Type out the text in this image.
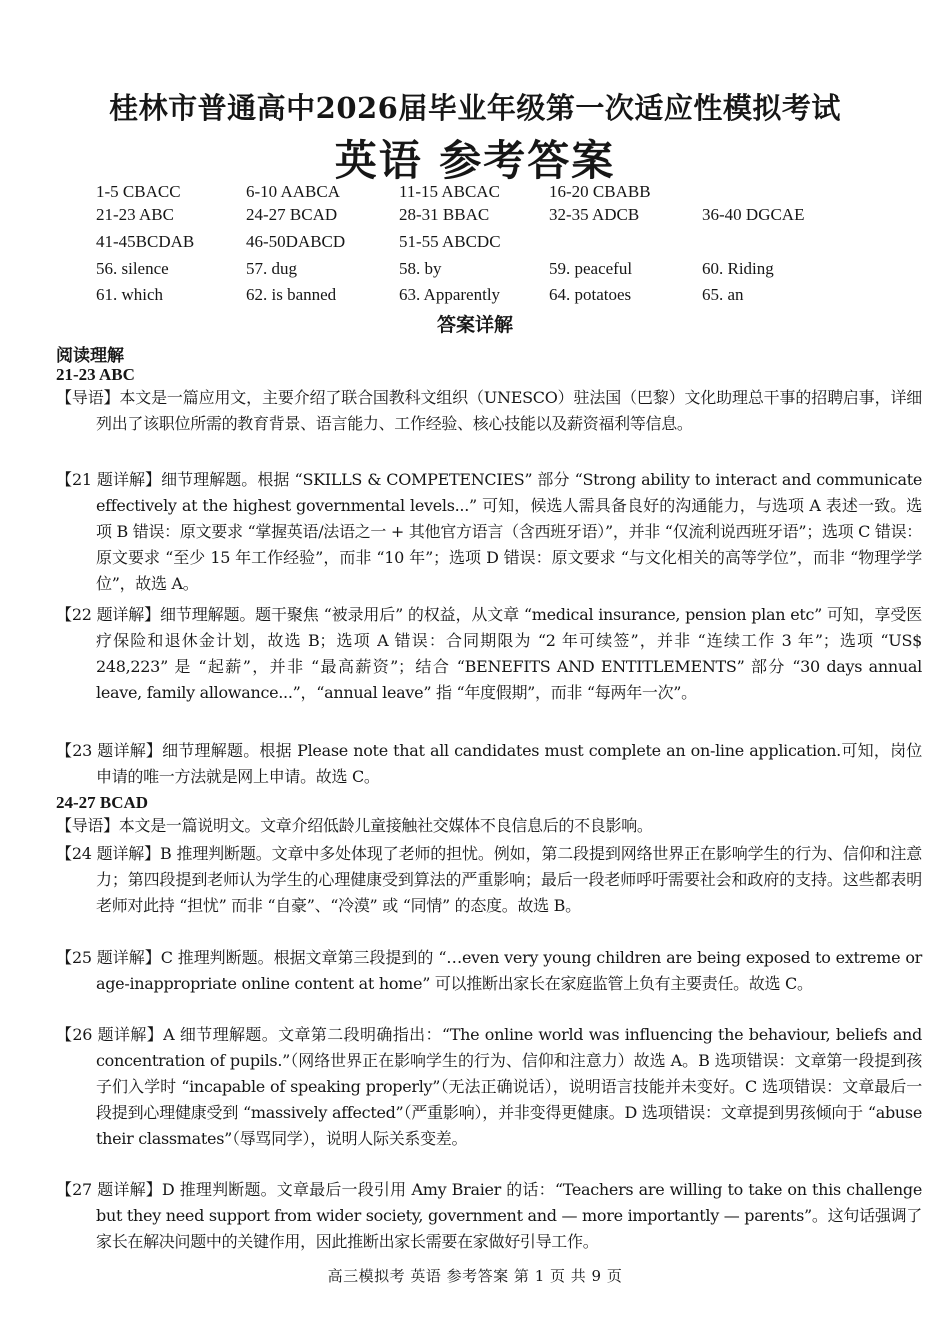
桂林市普通高中2026届毕业年级第一次适应性模拟考试
英语 参考答案
1-5 CBACC	6-10 AABCA	11-15 ABCAC	16-20 CBABB
21-23 ABC	24-27 BCAD	28-31 BBAC	32-35 ADCB	36-40 DGCAE
41-45BCDAB	46-50DABCD	51-55 ABCDC
56. silence	57. dug	58. by	59. peaceful	60. Riding
61. which	62. is banned	63. Apparently	64. potatoes	65. an
答案详解
阅读理解
21-23 ABC
【导语】本文是一篇应用文，主要介绍了联合国教科文组织（UNESCO）驻法国（巴黎）文化助理总干事的招聘启事，详细列出了该职位所需的教育背景、语言能力、工作经验、核心技能以及薪资福利等信息。
【21 题详解】细节理解题。根据 “SKILLS & COMPETENCIES” 部分 “Strong ability to interact and communicate effectively at the highest governmental levels...” 可知，候选人需具备良好的沟通能力，与选项 A 表述一致。选项 B 错误：原文要求 “掌握英语/法语之一 + 其他官方语言（含西班牙语）”，并非 “仅流利说西班牙语”；选项 C 错误：原文要求 “至少 15 年工作经验”，而非 “10 年”；选项 D 错误：原文要求 “与文化相关的高等学位”，而非 “物理学学位”，故选 A。
【22 题详解】细节理解题。题干聚焦 “被录用后” 的权益，从文章 “medical insurance, pension plan etc” 可知，享受医疗保险和退休金计划，故选 B；选项 A 错误：合同期限为 “2 年可续签”，并非 “连续工作 3 年”；选项 “US$ 248,223” 是 “起薪”，并非 “最高薪资”；结合 “BENEFITS AND ENTITLEMENTS” 部分 “30 days annual leave, family allowance...”，“annual leave” 指 “年度假期”，而非 “每两年一次”。
【23 题详解】细节理解题。根据 Please note that all candidates must complete an on-line application.可知，岗位申请的唯一方法就是网上申请。故选 C。
24-27 BCAD
【导语】本文是一篇说明文。文章介绍低龄儿童接触社交媒体不良信息后的不良影响。
【24 题详解】B 推理判断题。文章中多处体现了老师的担忧。例如，第二段提到网络世界正在影响学生的行为、信仰和注意力；第四段提到老师认为学生的心理健康受到算法的严重影响；最后一段老师呼吁需要社会和政府的支持。这些都表明老师对此持 “担忧” 而非 “自豪”、“冷漠” 或 “同情” 的态度。故选 B。
【25 题详解】C 推理判断题。根据文章第三段提到的 “…even very young children are being exposed to extreme or age-inappropriate online content at home” 可以推断出家长在家庭监管上负有主要责任。故选 C。
【26 题详解】A 细节理解题。文章第二段明确指出：“The online world was influencing the behaviour, beliefs and concentration of pupils.”（网络世界正在影响学生的行为、信仰和注意力）故选 A。B 选项错误：文章第一段提到孩子们入学时 “incapable of speaking properly”（无法正确说话），说明语言技能并未变好。C 选项错误：文章最后一段提到心理健康受到 “massively affected”（严重影响），并非变得更健康。D 选项错误：文章提到男孩倾向于 “abuse their classmates”（辱骂同学），说明人际关系变差。
【27 题详解】D 推理判断题。文章最后一段引用 Amy Braier 的话：“Teachers are willing to take on this challenge but they need support from wider society, government and — more importantly — parents”。这句话强调了家长在解决问题中的关键作用，因此推断出家长需要在家做好引导工作。
高三模拟考 英语 参考答案 第 1 页 共 9 页
